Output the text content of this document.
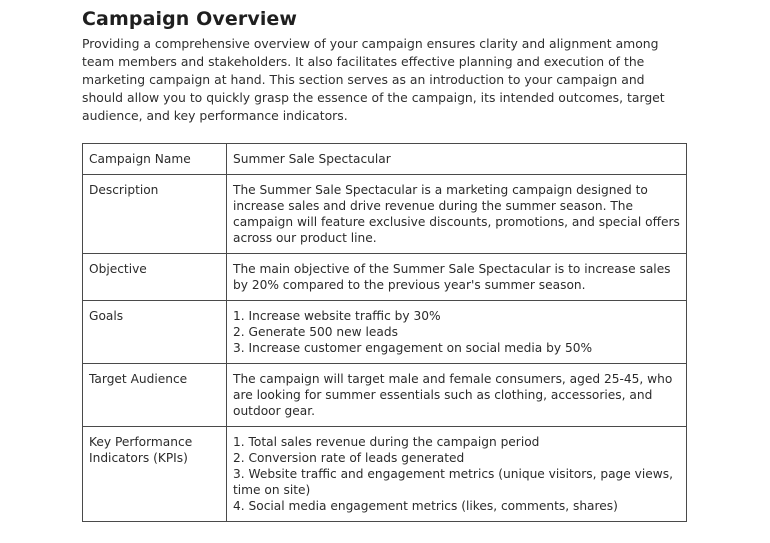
Campaign Overview

Providing a comprehensive overview of your campaign ensures clarity and alignment among team members and stakeholders. It also facilitates effective planning and execution of the marketing campaign at hand. This section serves as an introduction to your campaign and should allow you to quickly grasp the essence of the campaign, its intended outcomes, target audience, and key performance indicators.

Campaign Name	Summer Sale Spectacular
Description	The Summer Sale Spectacular is a marketing campaign designed to increase sales and drive revenue during the summer season. The campaign will feature exclusive discounts, promotions, and special offers across our product line.
Objective	The main objective of the Summer Sale Spectacular is to increase sales by 20% compared to the previous year's summer season.
Goals	1. Increase website traffic by 30%
2. Generate 500 new leads
3. Increase customer engagement on social media by 50%

Target Audience	The campaign will target male and female consumers, aged 25-45, who are looking for summer essentials such as clothing, accessories, and outdoor gear.
Key Performance Indicators (KPIs)	1. Total sales revenue during the campaign period
2. Conversion rate of leads generated
3. Website traffic and engagement metrics (unique visitors, page views, time on site)
4. Social media engagement metrics (likes, comments, shares)
